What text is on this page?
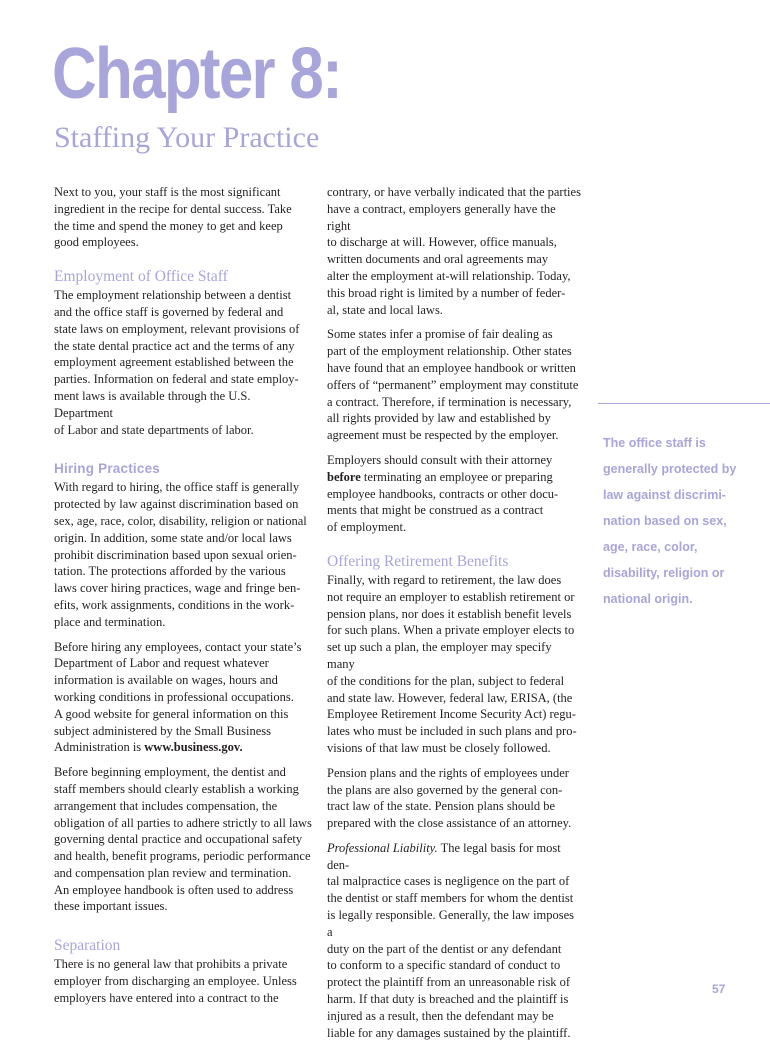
Chapter 8:
Staffing Your Practice

Next to you, your staff is the most significant
ingredient in the recipe for dental success. Take
the time and spend the money to get and keep
good employees.

Employment of Office Staff

The employment relationship between a dentist
and the office staff is governed by federal and
state laws on employment, relevant provisions of
the state dental practice act and the terms of any
employment agreement established between the
parties. Information on federal and state employ-
ment laws is available through the U.S. Department
of Labor and state departments of labor.

Hiring Practices

With regard to hiring, the office staff is generally
protected by law against discrimination based on
sex, age, race, color, disability, religion or national
origin. In addition, some state and/or local laws
prohibit discrimination based upon sexual orien-
tation. The protections afforded by the various
laws cover hiring practices, wage and fringe ben-
efits, work assignments, conditions in the work-
place and termination.

Before hiring any employees, contact your state’s
Department of Labor and request whatever
information is available on wages, hours and
working conditions in professional occupations.
A good website for general information on this
subject administered by the Small Business
Administration is www.business.gov.

Before beginning employment, the dentist and
staff members should clearly establish a working
arrangement that includes compensation, the
obligation of all parties to adhere strictly to all laws
governing dental practice and occupational safety
and health, benefit programs, periodic performance
and compensation plan review and termination.
An employee handbook is often used to address
these important issues.

Separation

There is no general law that prohibits a private
employer from discharging an employee. Unless
employers have entered into a contract to the

contrary, or have verbally indicated that the parties
have a contract, employers generally have the right
to discharge at will. However, office manuals,
written documents and oral agreements may
alter the employment at-will relationship. Today,
this broad right is limited by a number of feder-
al, state and local laws.

Some states infer a promise of fair dealing as
part of the employment relationship. Other states
have found that an employee handbook or written
offers of “permanent” employment may constitute
a contract. Therefore, if termination is necessary,
all rights provided by law and established by
agreement must be respected by the employer.

Employers should consult with their attorney
before terminating an employee or preparing
employee handbooks, contracts or other docu-
ments that might be construed as a contract
of employment.

Offering Retirement Benefits

Finally, with regard to retirement, the law does
not require an employer to establish retirement or
pension plans, nor does it establish benefit levels
for such plans. When a private employer elects to
set up such a plan, the employer may specify many
of the conditions for the plan, subject to federal
and state law. However, federal law, ERISA, (the
Employee Retirement Income Security Act) regu-
lates who must be included in such plans and pro-
visions of that law must be closely followed.

Pension plans and the rights of employees under
the plans are also governed by the general con-
tract law of the state. Pension plans should be
prepared with the close assistance of an attorney.

Professional Liability. The legal basis for most den-
tal malpractice cases is negligence on the part of
the dentist or staff members for whom the dentist
is legally responsible. Generally, the law imposes a
duty on the part of the dentist or any defendant
to conform to a specific standard of conduct to
protect the plaintiff from an unreasonable risk of
harm. If that duty is breached and the plaintiff is
injured as a result, then the defendant may be
liable for any damages sustained by the plaintiff.

The office staff is
generally protected by
law against discrimi-
nation based on sex,
age, race, color,
disability, religion or
national origin.

57
